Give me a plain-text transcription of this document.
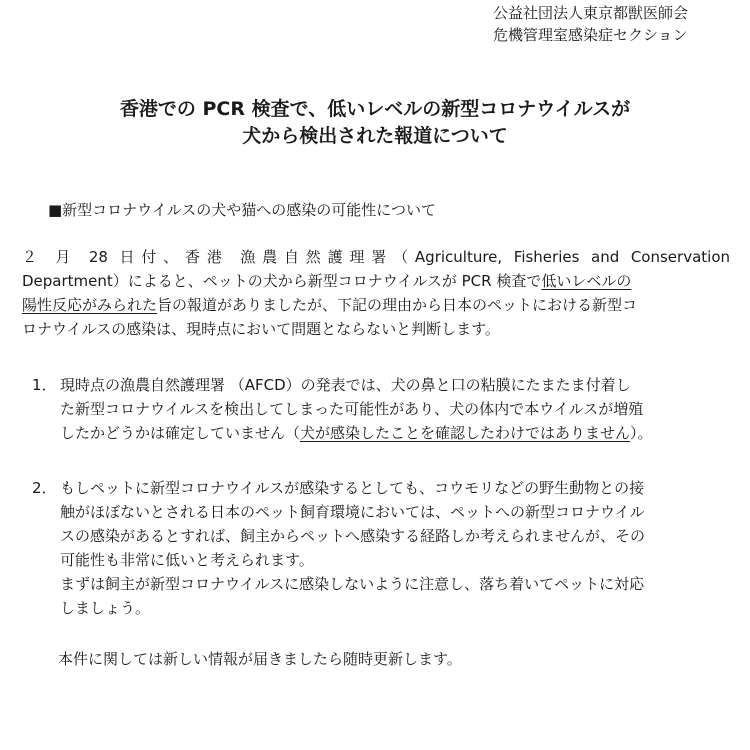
公益社団法人東京都獣医師会
危機管理室感染症セクション
香港での PCR 検査で、低いレベルの新型コロナウイルスが
犬から検出された報道について
■新型コロナウイルスの犬や猫への感染の可能性について
２ 月 28 日付、香港 漁農自然護理署（Agriculture, Fisheries and Conservation
Department）によると、ペットの犬から新型コロナウイルスが PCR 検査で低いレベルの
陽性反応がみられた旨の報道がありましたが、下記の理由から日本のペットにおける新型コ
ロナウイルスの感染は、現時点において問題とならないと判断します。
1． 現時点の漁農自然護理署 （AFCD）の発表では、犬の鼻と口の粘膜にたまたま付着し
た新型コロナウイルスを検出してしまった可能性があり、犬の体内で本ウイルスが増殖
したかどうかは確定していません（犬が感染したことを確認したわけではありません）。
2． もしペットに新型コロナウイルスが感染するとしても、コウモリなどの野生動物との接
触がほぼないとされる日本のペット飼育環境においては、ペットへの新型コロナウイル
スの感染があるとすれば、飼主からペットへ感染する経路しか考えられませんが、その
可能性も非常に低いと考えられます。
まずは飼主が新型コロナウイルスに感染しないように注意し、落ち着いてペットに対応
しましょう。
本件に関しては新しい情報が届きましたら随時更新します。
